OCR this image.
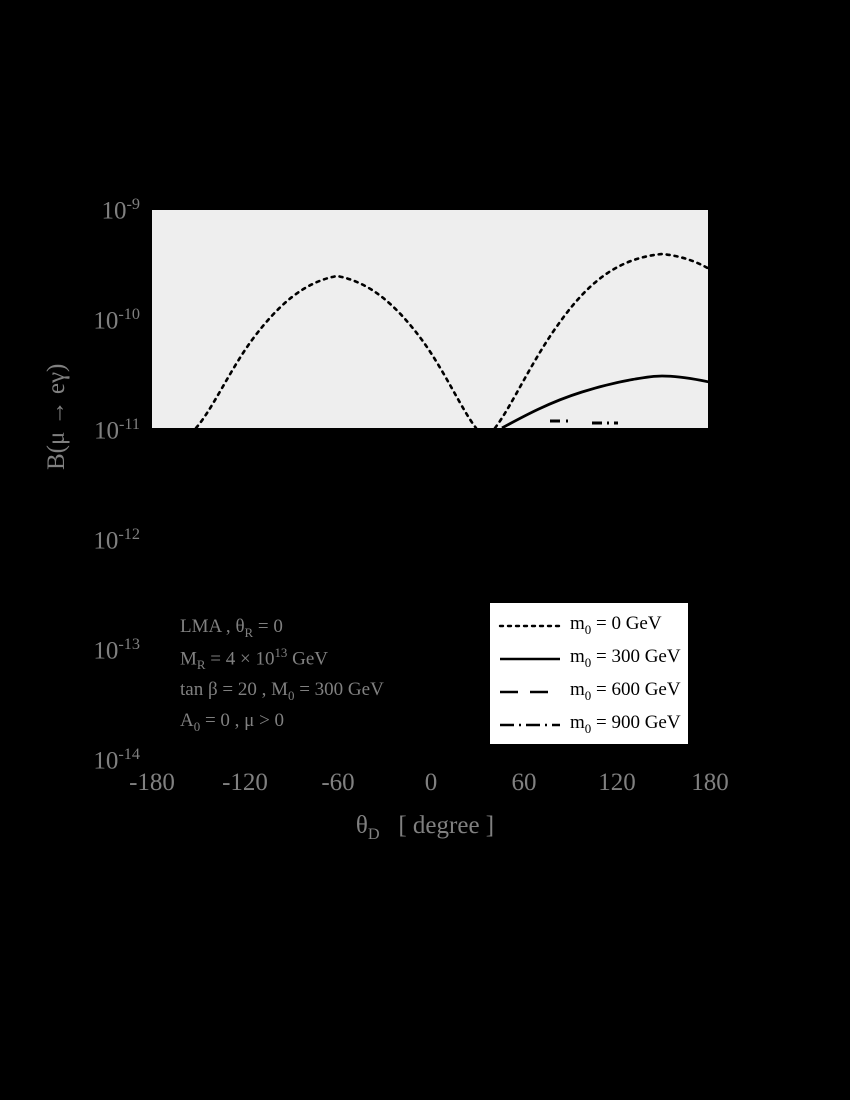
$10^{-9}$
$10^{-10}$
$10^{-11}$
$10^{-12}$
$10^{-13}$
$10^{-14}$
-180	-120	-60	0	60	120	180
B(μ → eγ)
$\theta_D$ [ degree ]
LMA , $\theta_R = 0$
$M_R = 4 \times 10^{13}$ GeV
tan β = 20 , $M_0 = 300$ GeV
$A_0 = 0$ , μ > 0
$m_0 = 0$ GeV
$m_0 = 300$ GeV
$m_0 = 600$ GeV
$m_0 = 900$ GeV
